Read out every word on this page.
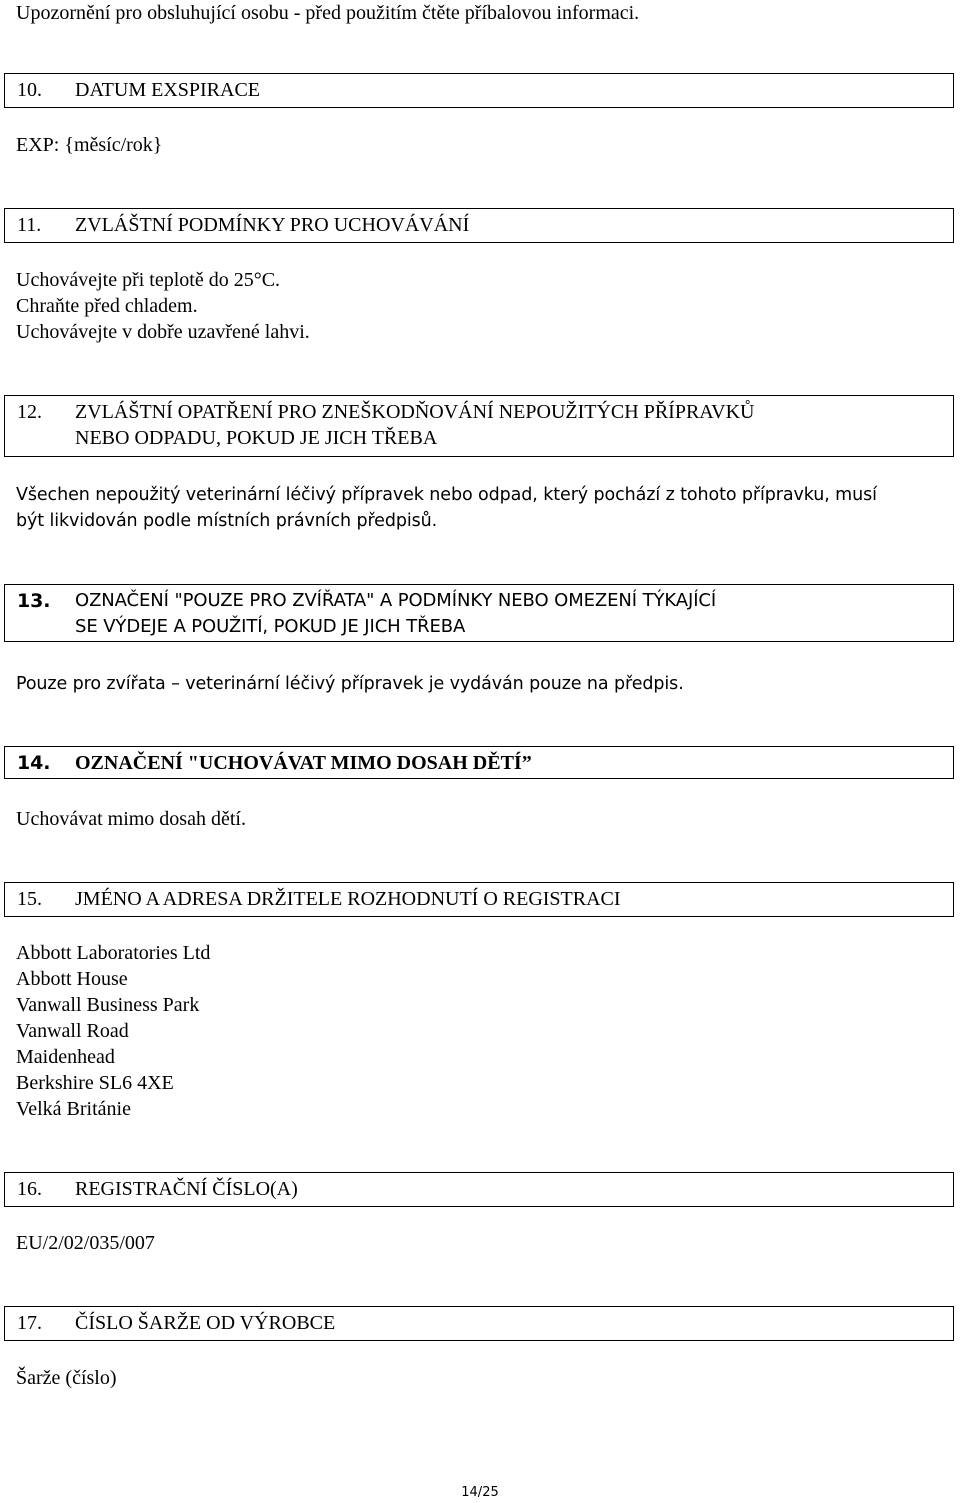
Upozornění pro obsluhující osobu - před použitím čtěte příbalovou informaci.
10. DATUM EXSPIRACE
EXP: {měsíc/rok}
11. ZVLÁŠTNÍ PODMÍNKY PRO UCHOVÁVÁNÍ
Uchovávejte při teplotě do 25°C.
Chraňte před chladem.
Uchovávejte v dobře uzavřené lahvi.
12. ZVLÁŠTNÍ OPATŘENÍ PRO ZNEŠKODŇOVÁNÍ NEPOUŽITÝCH PŘÍPRAVKŮ
NEBO ODPADU, POKUD JE JICH TŘEBA
Všechen nepoužitý veterinární léčivý přípravek nebo odpad, který pochází z tohoto přípravku, musí
být likvidován podle místních právních předpisů.
13. OZNAČENÍ "POUZE PRO ZVÍŘATA" A PODMÍNKY NEBO OMEZENÍ TÝKAJÍCÍ
SE VÝDEJE A POUŽITÍ, POKUD JE JICH TŘEBA
Pouze pro zvířata – veterinární léčivý přípravek je vydáván pouze na předpis.
14. OZNAČENÍ "UCHOVÁVAT MIMO DOSAH DĚTÍ”
Uchovávat mimo dosah dětí.
15. JMÉNO A ADRESA DRŽITELE ROZHODNUTÍ O REGISTRACI
Abbott Laboratories Ltd
Abbott House
Vanwall Business Park
Vanwall Road
Maidenhead
Berkshire SL6 4XE
Velká Británie
16. REGISTRAČNÍ ČÍSLO(A)
EU/2/02/035/007
17. ČÍSLO ŠARŽE OD VÝROBCE
Šarže (číslo)
14/25
